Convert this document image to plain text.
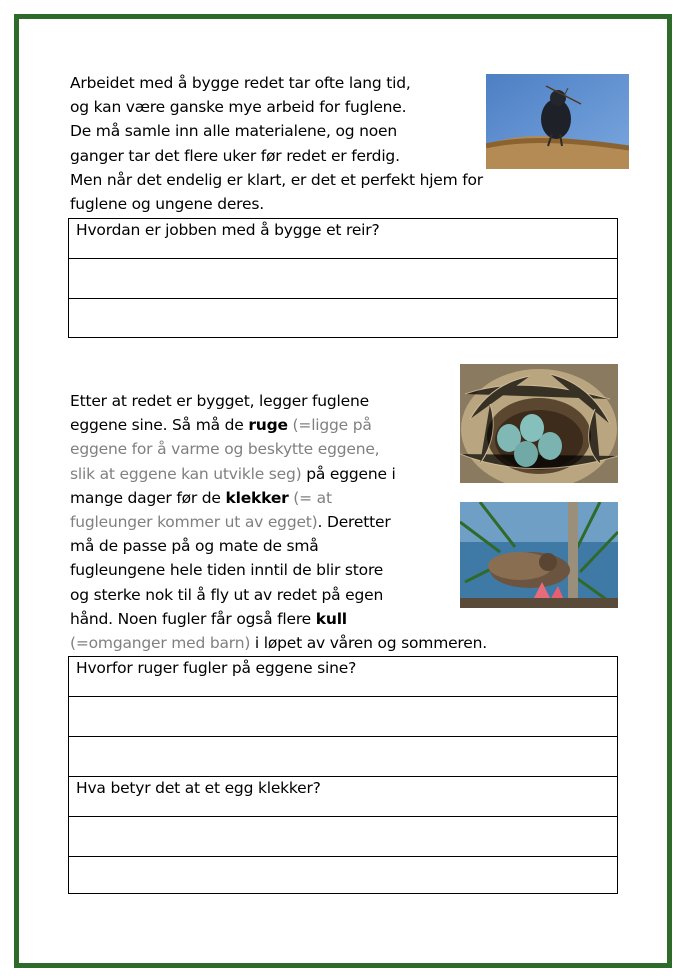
Arbeidet med å bygge redet tar ofte lang tid,
og kan være ganske mye arbeid for fuglene.
De må samle inn alle materialene, og noen
ganger tar det flere uker før redet er ferdig.
Men når det endelig er klart, er det et perfekt hjem for
fuglene og ungene deres.
Hvordan er jobben med å bygge et reir?
Etter at redet er bygget, legger fuglene
eggene sine. Så må de ruge (=ligge på
eggene for å varme og beskytte eggene,
slik at eggene kan utvikle seg) på eggene i
mange dager før de klekker (= at
fugleunger kommer ut av egget). Deretter
må de passe på og mate de små
fugleungene hele tiden inntil de blir store
og sterke nok til å fly ut av redet på egen
hånd. Noen fugler får også flere kull
(=omganger med barn) i løpet av våren og sommeren.
Hvorfor ruger fugler på eggene sine?
Hva betyr det at et egg klekker?
